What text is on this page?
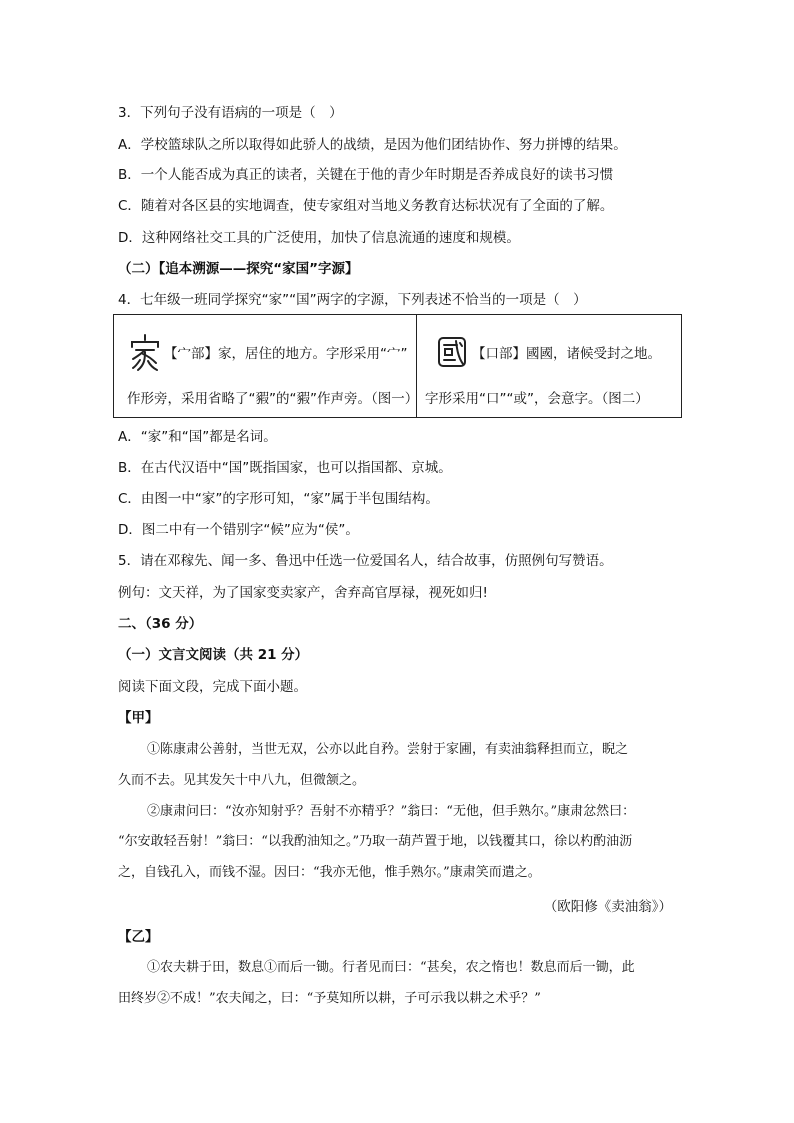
3．下列句子没有语病的一项是（　）
A．学校篮球队之所以取得如此骄人的战绩，是因为他们团结协作、努力拼博的结果。
B．一个人能否成为真正的读者，关键在于他的青少年时期是否养成良好的读书习惯
C．随着对各区县的实地调查，使专家组对当地义务教育达标状况有了全面的了解。
D．这种网络社交工具的广泛使用，加快了信息流通的速度和规模。
（二）【追本溯源——探究“家国”字源】
4．七年级一班同学探究“家”“国”两字的字源，下列表述不恰当的一项是（　）
【宀部】家，居住的地方。字形采用“宀”
作形旁，采用省略了“豭”的“豭”作声旁。（图一）
【口部】國國，诸候受封之地。
字形采用“口”“或”，会意字。（图二）
A．“家”和“国”都是名词。
B．在古代汉语中“国”既指国家，也可以指国都、京城。
C．由图一中“家”的字形可知，“家”属于半包围结构。
D．图二中有一个错别字“候”应为“侯”。
5．请在邓稼先、闻一多、鲁迅中任选一位爱国名人，结合故事，仿照例句写赞语。
例句：文天祥，为了国家变卖家产，舍弃高官厚禄，视死如归!
二、（36 分）
（一）文言文阅读（共 21 分）
阅读下面文段，完成下面小题。
【甲】
①陈康肃公善射，当世无双，公亦以此自矜。尝射于家圃，有卖油翁释担而立，睨之
久而不去。见其发矢十中八九，但微颔之。
②康肃问曰：“汝亦知射乎？吾射不亦精乎？”翁曰：“无他，但手熟尔。”康肃忿然曰：
“尔安敢轻吾射！”翁曰：“以我酌油知之。”乃取一葫芦置于地，以钱覆其口，徐以杓酌油沥
之，自钱孔入，而钱不湿。因曰：“我亦无他，惟手熟尔。”康肃笑而遣之。
（欧阳修《卖油翁》）
【乙】
①农夫耕于田，数息①而后一锄。行者见而曰：“甚矣，农之惰也！数息而后一锄，此
田终岁②不成！”农夫闻之，曰：“予莫知所以耕，子可示我以耕之术乎？”
